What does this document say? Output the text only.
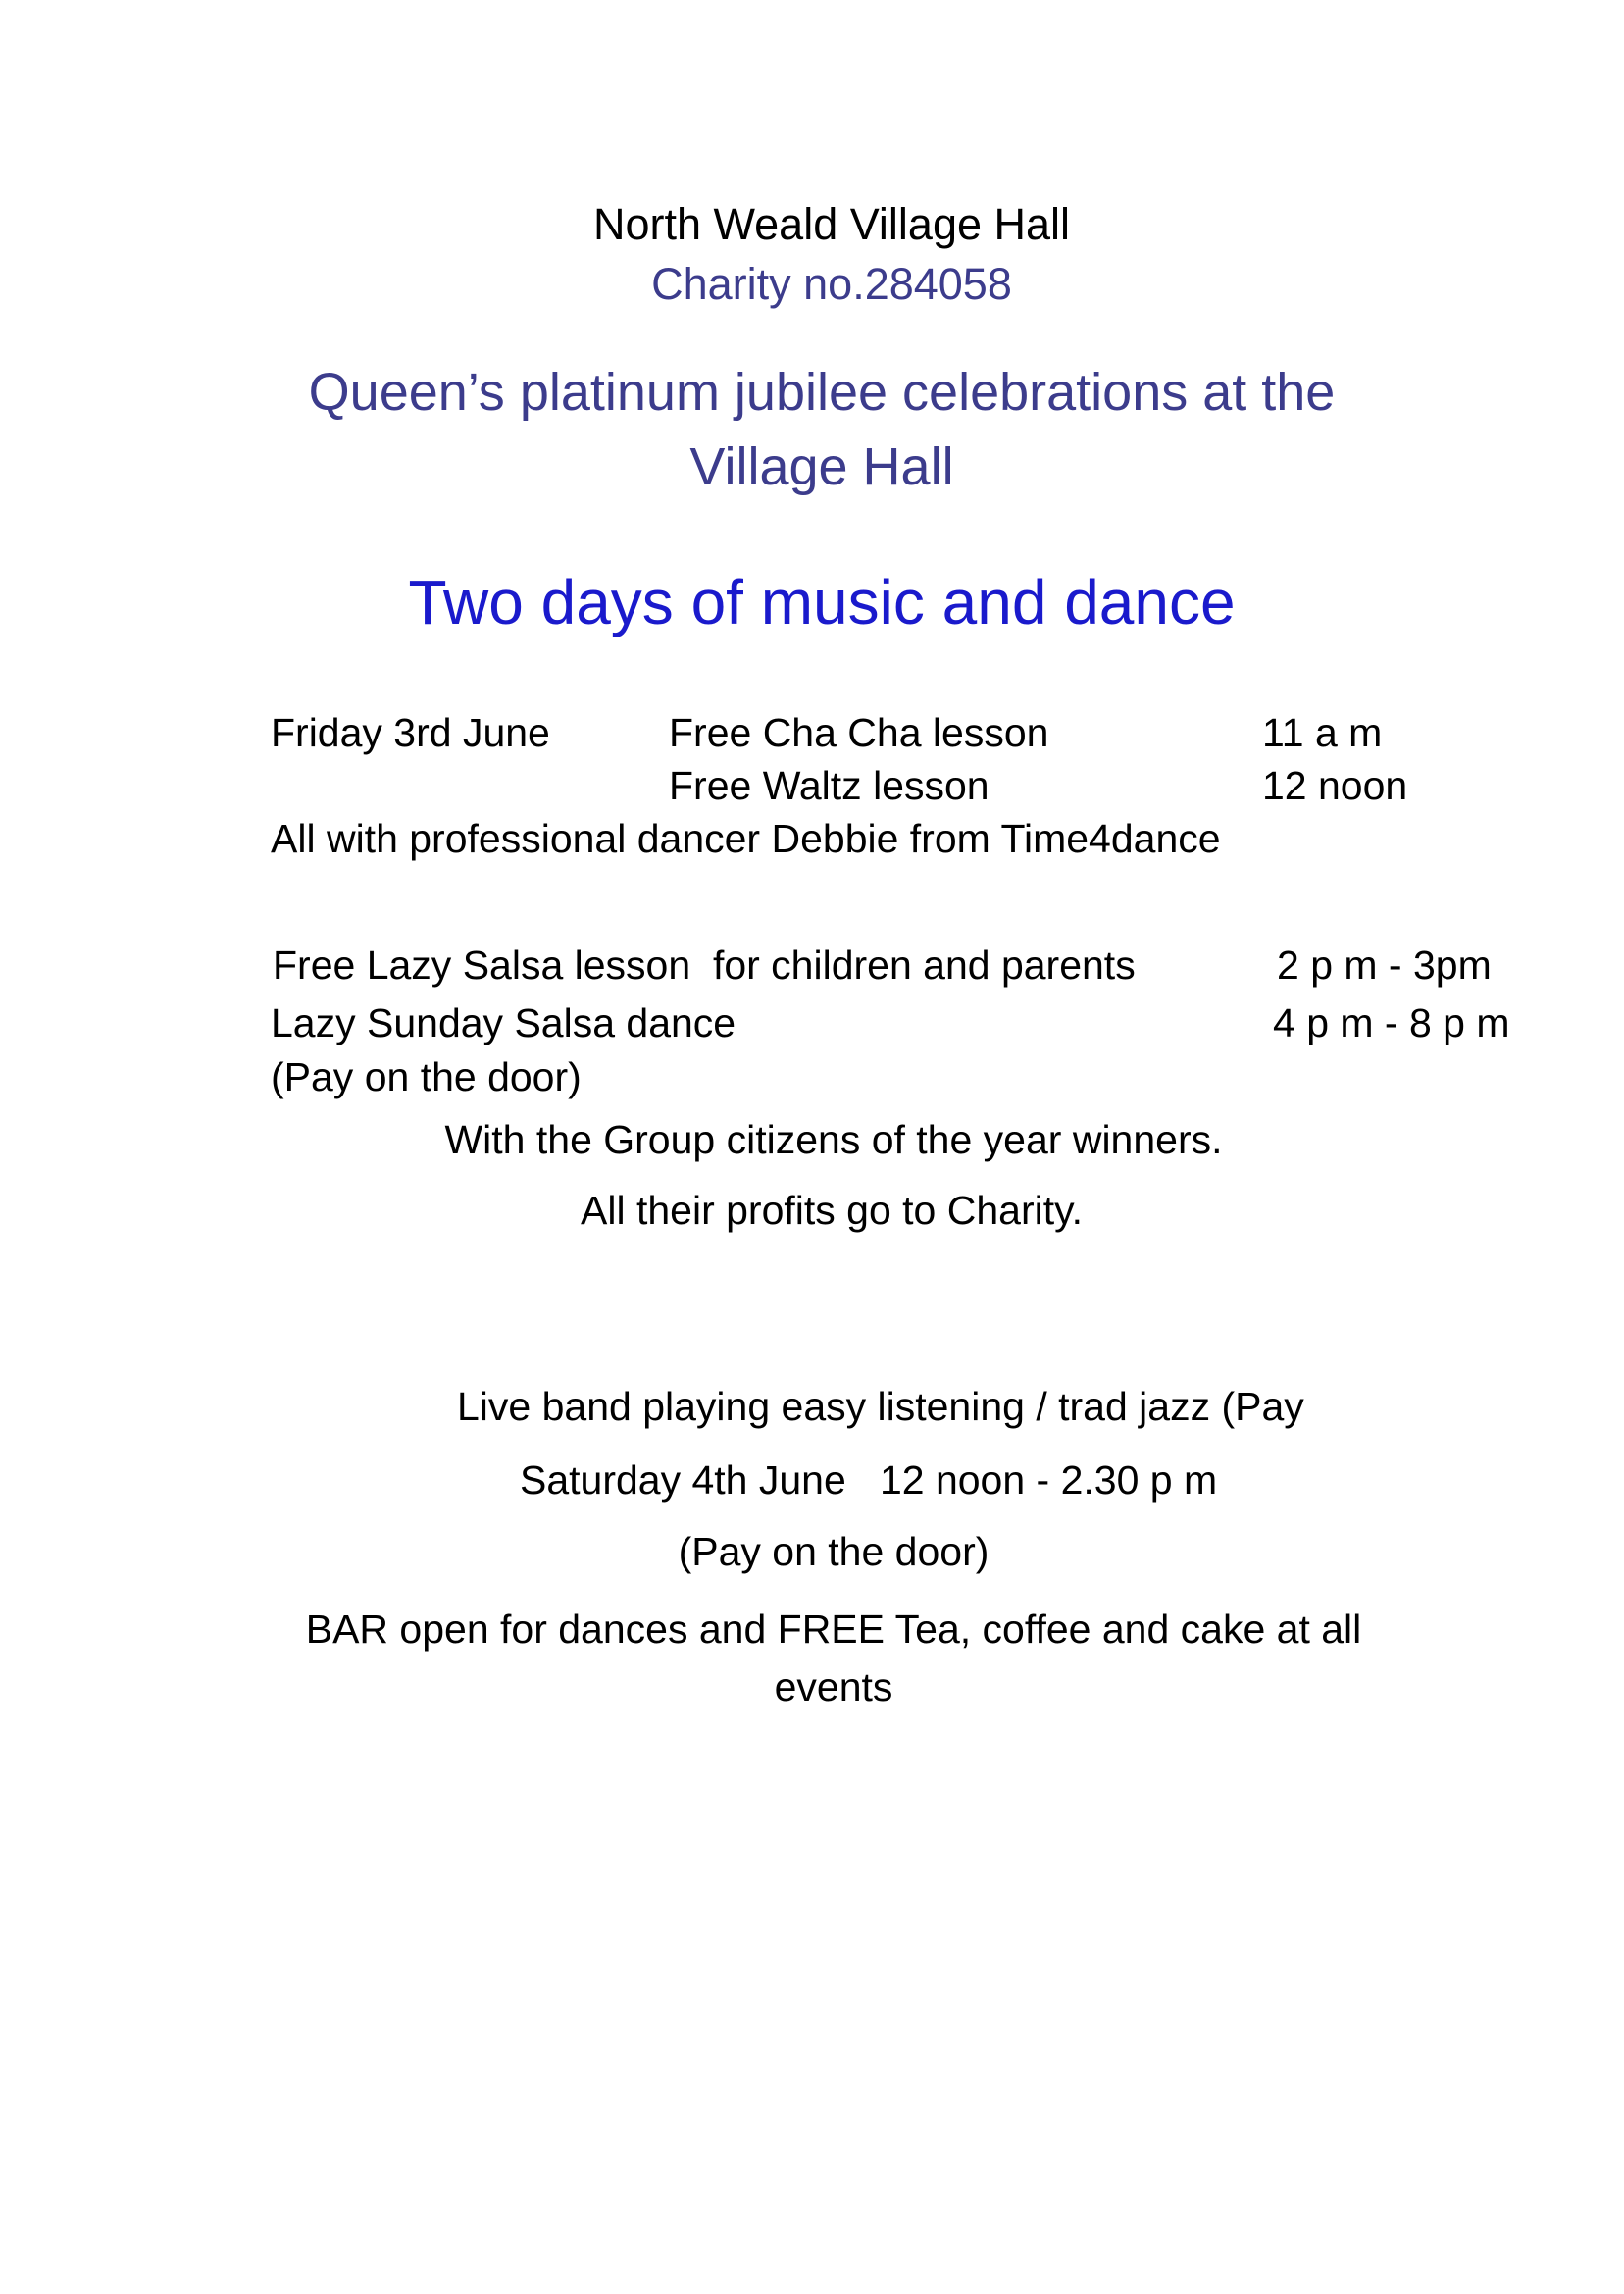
North Weald Village Hall
Charity no.284058
Queen’s platinum jubilee celebrations at the
Village Hall
Two days of music and dance
Friday 3rd June	Free Cha Cha lesson	11 a m
Free Waltz lesson	12 noon
All with professional dancer Debbie from Time4dance
Free Lazy Salsa lesson  for children and parents	2 p m - 3pm
Lazy Sunday Salsa dance	4 p m - 8 p m
(Pay on the door)
With the Group citizens of the year winners.
All their profits go to Charity.
Live band playing easy listening / trad jazz (Pay
Saturday 4th June   12 noon - 2.30 p m
(Pay on the door)
BAR open for dances and FREE Tea, coffee and cake at all
events
